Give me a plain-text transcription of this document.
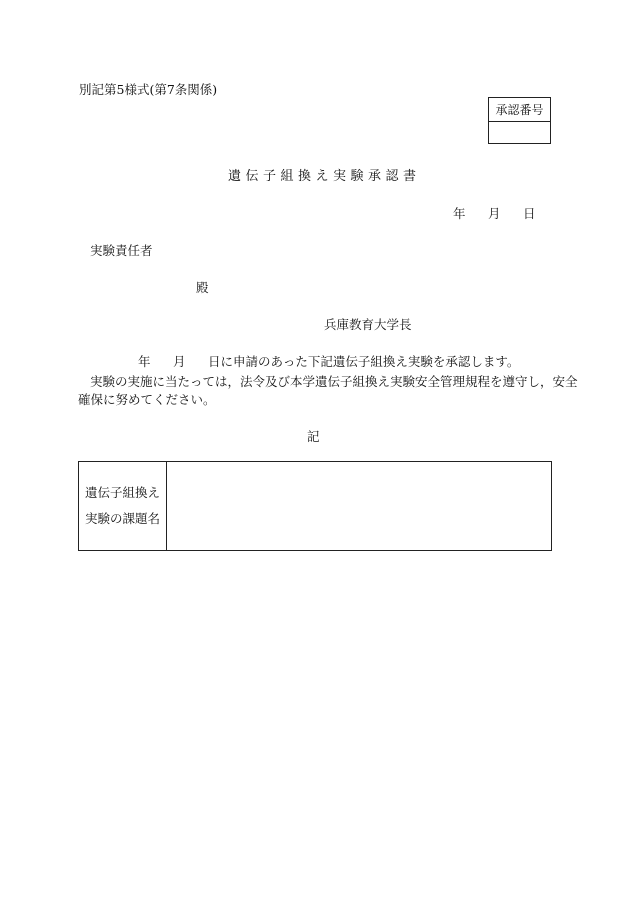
別記第5様式(第7条関係)
承認番号
遺伝子組換え実験承認書
年 月 日
実験責任者
殿
兵庫教育大学長
年 月 日に申請のあった下記遺伝子組換え実験を承認します。
実験の実施に当たっては，法令及び本学遺伝子組換え実験安全管理規程を遵守し，安全
確保に努めてください。
記
遺伝子組換え
実験の課題名
